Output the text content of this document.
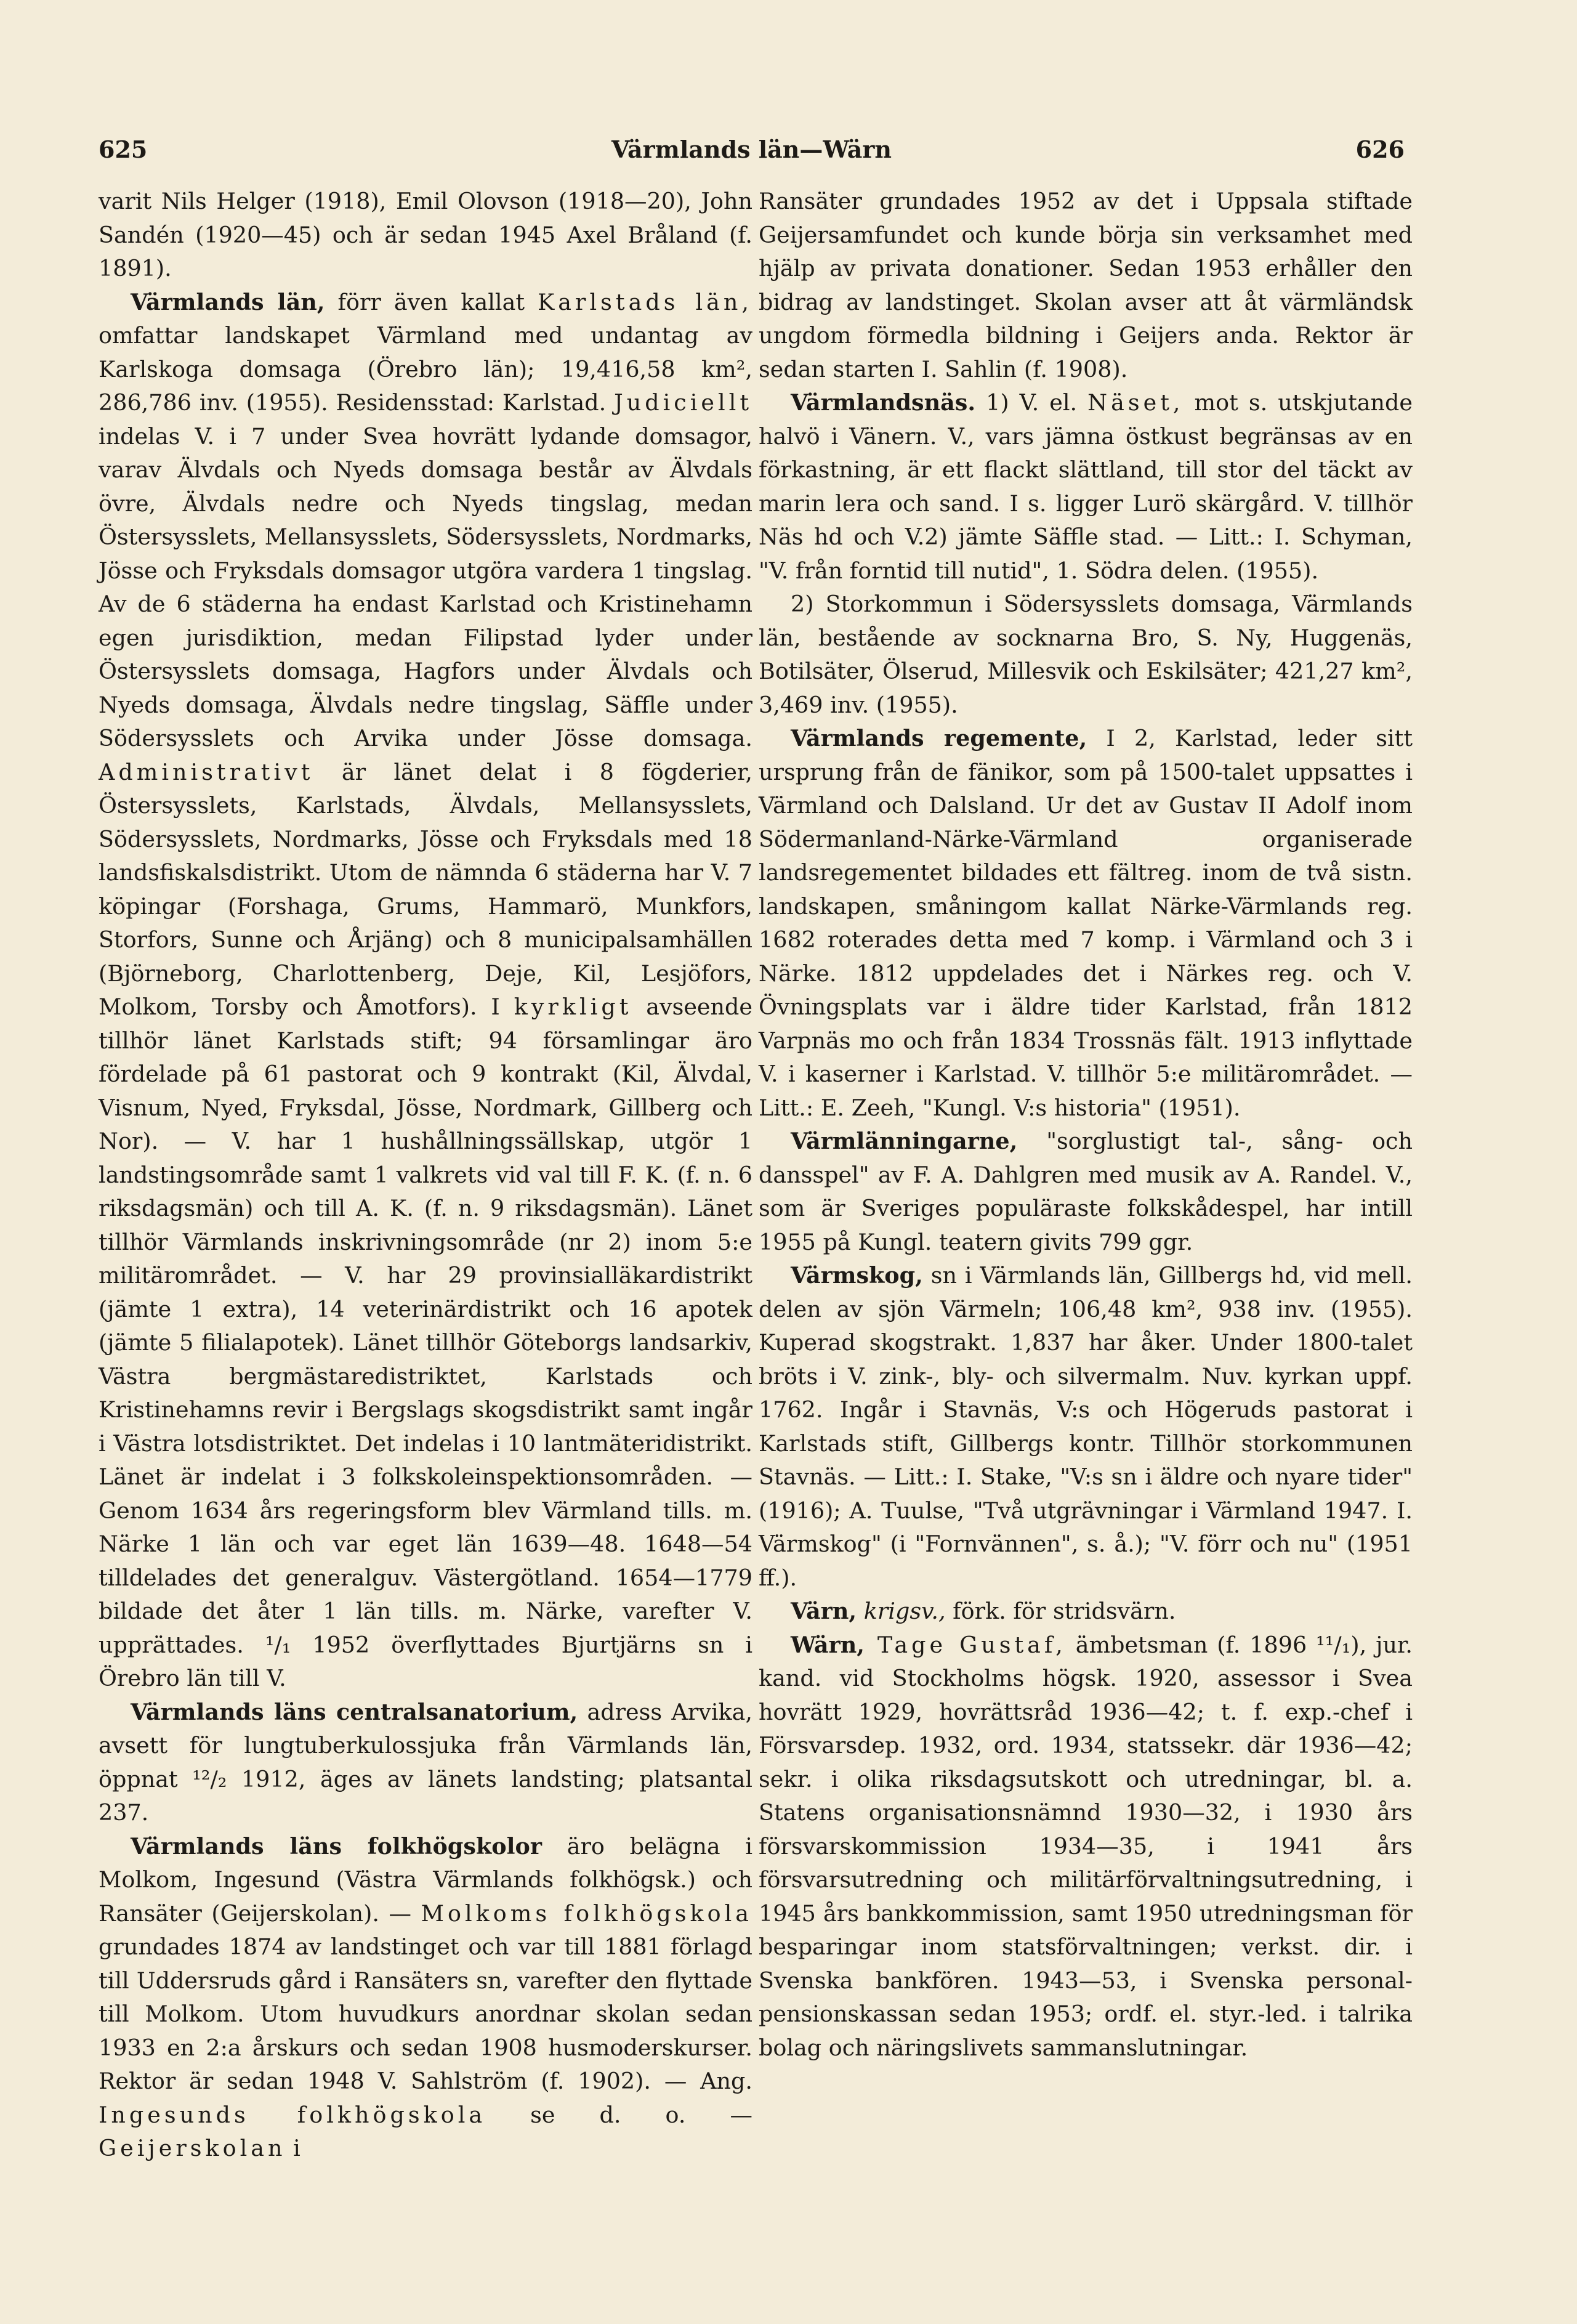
625	Värmlands län—Wärn	626

varit Nils Helger (1918), Emil Olovson (1918—20), John Sandén (1920—45) och är sedan 1945 Axel Bråland (f. 1891).

Värmlands län, förr även kallat Karlstads län, omfattar landskapet Värmland med undantag av Karlskoga domsaga (Örebro län); 19,416,58 km², 286,786 inv. (1955). Residensstad: Karlstad. Judiciellt indelas V. i 7 under Svea hovrätt lydande domsagor, varav Älvdals och Nyeds domsaga består av Älvdals övre, Älvdals nedre och Nyeds tingslag, medan Östersysslets, Mellansysslets, Södersysslets, Nordmarks, Jösse och Fryksdals domsagor utgöra vardera 1 tingslag. Av de 6 städerna ha endast Karlstad och Kristinehamn egen jurisdiktion, medan Filipstad lyder under Östersysslets domsaga, Hagfors under Älvdals och Nyeds domsaga, Älvdals nedre tingslag, Säffle under Södersysslets och Arvika under Jösse domsaga. Administrativt är länet delat i 8 fögderier, Östersysslets, Karlstads, Älvdals, Mellansysslets, Södersysslets, Nordmarks, Jösse och Fryksdals med 18 landsfiskalsdistrikt. Utom de nämnda 6 städerna har V. 7 köpingar (Forshaga, Grums, Hammarö, Munkfors, Storfors, Sunne och Årjäng) och 8 municipalsamhällen (Björneborg, Charlottenberg, Deje, Kil, Lesjöfors, Molkom, Torsby och Åmotfors). I kyrkligt avseende tillhör länet Karlstads stift; 94 församlingar äro fördelade på 61 pastorat och 9 kontrakt (Kil, Älvdal, Visnum, Nyed, Fryksdal, Jösse, Nordmark, Gillberg och Nor). — V. har 1 hushållningssällskap, utgör 1 landstingsområde samt 1 valkrets vid val till F. K. (f. n. 6 riksdagsmän) och till A. K. (f. n. 9 riksdagsmän). Länet tillhör Värmlands inskrivningsområde (nr 2) inom 5:e militärområdet. — V. har 29 provinsialläkardistrikt (jämte 1 extra), 14 veterinärdistrikt och 16 apotek (jämte 5 filialapotek). Länet tillhör Göteborgs landsarkiv, Västra bergmästaredistriktet, Karlstads och Kristinehamns revir i Bergslags skogsdistrikt samt ingår i Västra lotsdistriktet. Det indelas i 10 lantmäteridistrikt. Länet är indelat i 3 folkskoleinspektionsområden. — Genom 1634 års regeringsform blev Värmland tills. m. Närke 1 län och var eget län 1639—48. 1648—54 tilldelades det generalguv. Västergötland. 1654—1779 bildade det åter 1 län tills. m. Närke, varefter V. upprättades. ¹/₁ 1952 överflyttades Bjurtjärns sn i Örebro län till V.

Värmlands läns centralsanatorium, adress Arvika, avsett för lungtuberkulossjuka från Värmlands län, öppnat ¹²/₂ 1912, äges av länets landsting; platsantal 237.

Värmlands läns folkhögskolor äro belägna i Molkom, Ingesund (Västra Värmlands folkhögsk.) och Ransäter (Geijerskolan). — Molkoms folkhögskola grundades 1874 av landstinget och var till 1881 förlagd till Uddersruds gård i Ransäters sn, varefter den flyttade till Molkom. Utom huvudkurs anordnar skolan sedan 1933 en 2:a årskurs och sedan 1908 husmoderskurser. Rektor är sedan 1948 V. Sahlström (f. 1902). — Ang. Ingesunds folkhögskola se d. o. — Geijerskolan i

Ransäter grundades 1952 av det i Uppsala stiftade Geijersamfundet och kunde börja sin verksamhet med hjälp av privata donationer. Sedan 1953 erhåller den bidrag av landstinget. Skolan avser att åt värmländsk ungdom förmedla bildning i Geijers anda. Rektor är sedan starten I. Sahlin (f. 1908).

Värmlandsnäs. 1) V. el. Näset, mot s. utskjutande halvö i Vänern. V., vars jämna östkust begränsas av en förkastning, är ett flackt slättland, till stor del täckt av marin lera och sand. I s. ligger Lurö skärgård. V. tillhör Näs hd och V.2) jämte Säffle stad. — Litt.: I. Schyman, "V. från forntid till nutid", 1. Södra delen. (1955).

2) Storkommun i Södersysslets domsaga, Värmlands län, bestående av socknarna Bro, S. Ny, Huggenäs, Botilsäter, Ölserud, Millesvik och Eskilsäter; 421,27 km², 3,469 inv. (1955).

Värmlands regemente, I 2, Karlstad, leder sitt ursprung från de fänikor, som på 1500-talet uppsattes i Värmland och Dalsland. Ur det av Gustav II Adolf inom Södermanland-Närke-Värmland organiserade landsregementet bildades ett fältreg. inom de två sistn. landskapen, småningom kallat Närke-Värmlands reg. 1682 roterades detta med 7 komp. i Värmland och 3 i Närke. 1812 uppdelades det i Närkes reg. och V. Övningsplats var i äldre tider Karlstad, från 1812 Varpnäs mo och från 1834 Trossnäs fält. 1913 inflyttade V. i kaserner i Karlstad. V. tillhör 5:e militärområdet. — Litt.: E. Zeeh, "Kungl. V:s historia" (1951).

Värmlänningarne, "sorglustigt tal-, sång- och dansspel" av F. A. Dahlgren med musik av A. Randel. V., som är Sveriges populäraste folkskådespel, har intill 1955 på Kungl. teatern givits 799 ggr.

Värmskog, sn i Värmlands län, Gillbergs hd, vid mell. delen av sjön Värmeln; 106,48 km², 938 inv. (1955). Kuperad skogstrakt. 1,837 har åker. Under 1800-talet bröts i V. zink-, bly- och silvermalm. Nuv. kyrkan uppf. 1762. Ingår i Stavnäs, V:s och Högeruds pastorat i Karlstads stift, Gillbergs kontr. Tillhör storkommunen Stavnäs. — Litt.: I. Stake, "V:s sn i äldre och nyare tider" (1916); A. Tuulse, "Två utgrävningar i Värmland 1947. I. Värmskog" (i "Fornvännen", s. å.); "V. förr och nu" (1951 ff.).

Värn, krigsv., förk. för stridsvärn.

Wärn, Tage Gustaf, ämbetsman (f. 1896 ¹¹/₁), jur. kand. vid Stockholms högsk. 1920, assessor i Svea hovrätt 1929, hovrättsråd 1936—42; t. f. exp.-chef i Försvarsdep. 1932, ord. 1934, statssekr. där 1936—42; sekr. i olika riksdagsutskott och utredningar, bl. a. Statens organisationsnämnd 1930—32, i 1930 års försvarskommission 1934—35, i 1941 års försvarsutredning och militärförvaltningsutredning, i 1945 års bankkommission, samt 1950 utredningsman för besparingar inom statsförvaltningen; verkst. dir. i Svenska bankfören. 1943—53, i Svenska personal-pensionskassan sedan 1953; ordf. el. styr.-led. i talrika bolag och näringslivets sammanslutningar.
